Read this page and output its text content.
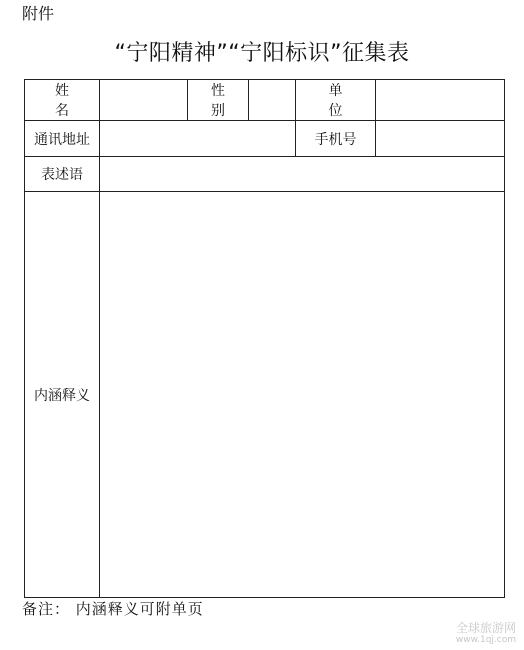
附件
“宁阳精神”“宁阳标识”征集表
姓 名		性 别		单 位	
通讯地址				手机号	
表述语					
内涵释义					
备注： 内涵释义可附单页
全球旅游网
www.1qj.com
